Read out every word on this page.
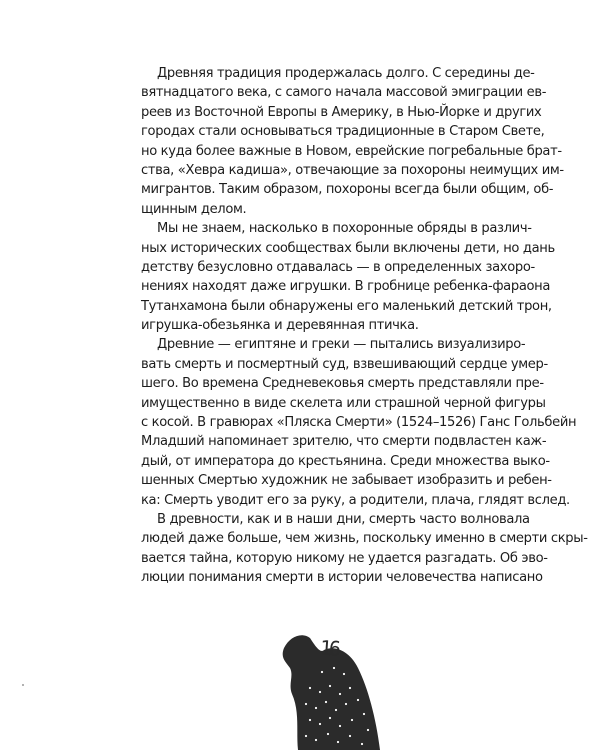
Древняя традиция продержалась долго. С середины де-
вятнадцатого века, с самого начала массовой эмиграции ев-
реев из Восточной Европы в Америку, в Нью-Йорке и других
городах стали основываться традиционные в Старом Свете,
но куда более важные в Новом, еврейские погребальные брат-
ства, «Хевра кадиша», отвечающие за похороны неимущих им-
мигрантов. Таким образом, похороны всегда были общим, об-
щинным делом.
Мы не знаем, насколько в похоронные обряды в различ-
ных исторических сообществах были включены дети, но дань
детству безусловно отдавалась — в определенных захоро-
нениях находят даже игрушки. В гробнице ребенка-фараона
Тутанхамона были обнаружены его маленький детский трон,
игрушка-обезьянка и деревянная птичка.
Древние — египтяне и греки — пытались визуализиро-
вать смерть и посмертный суд, взвешивающий сердце умер-
шего. Во времена Средневековья смерть представляли пре-
имущественно в виде скелета или страшной черной фигуры
с косой. В гравюрах «Пляска Смерти» (1524–1526) Ганс Гольбейн
Младший напоминает зрителю, что смерти подвластен каж-
дый, от императора до крестьянина. Среди множества выко-
шенных Смертью художник не забывает изобразить и ребен-
ка: Смерть уводит его за руку, а родители, плача, глядят вслед.
В древности, как и в наши дни, смерть часто волновала
людей даже больше, чем жизнь, поскольку именно в смерти скры-
вается тайна, которую никому не удается разгадать. Об эво-
люции понимания смерти в истории человечества написано
16
